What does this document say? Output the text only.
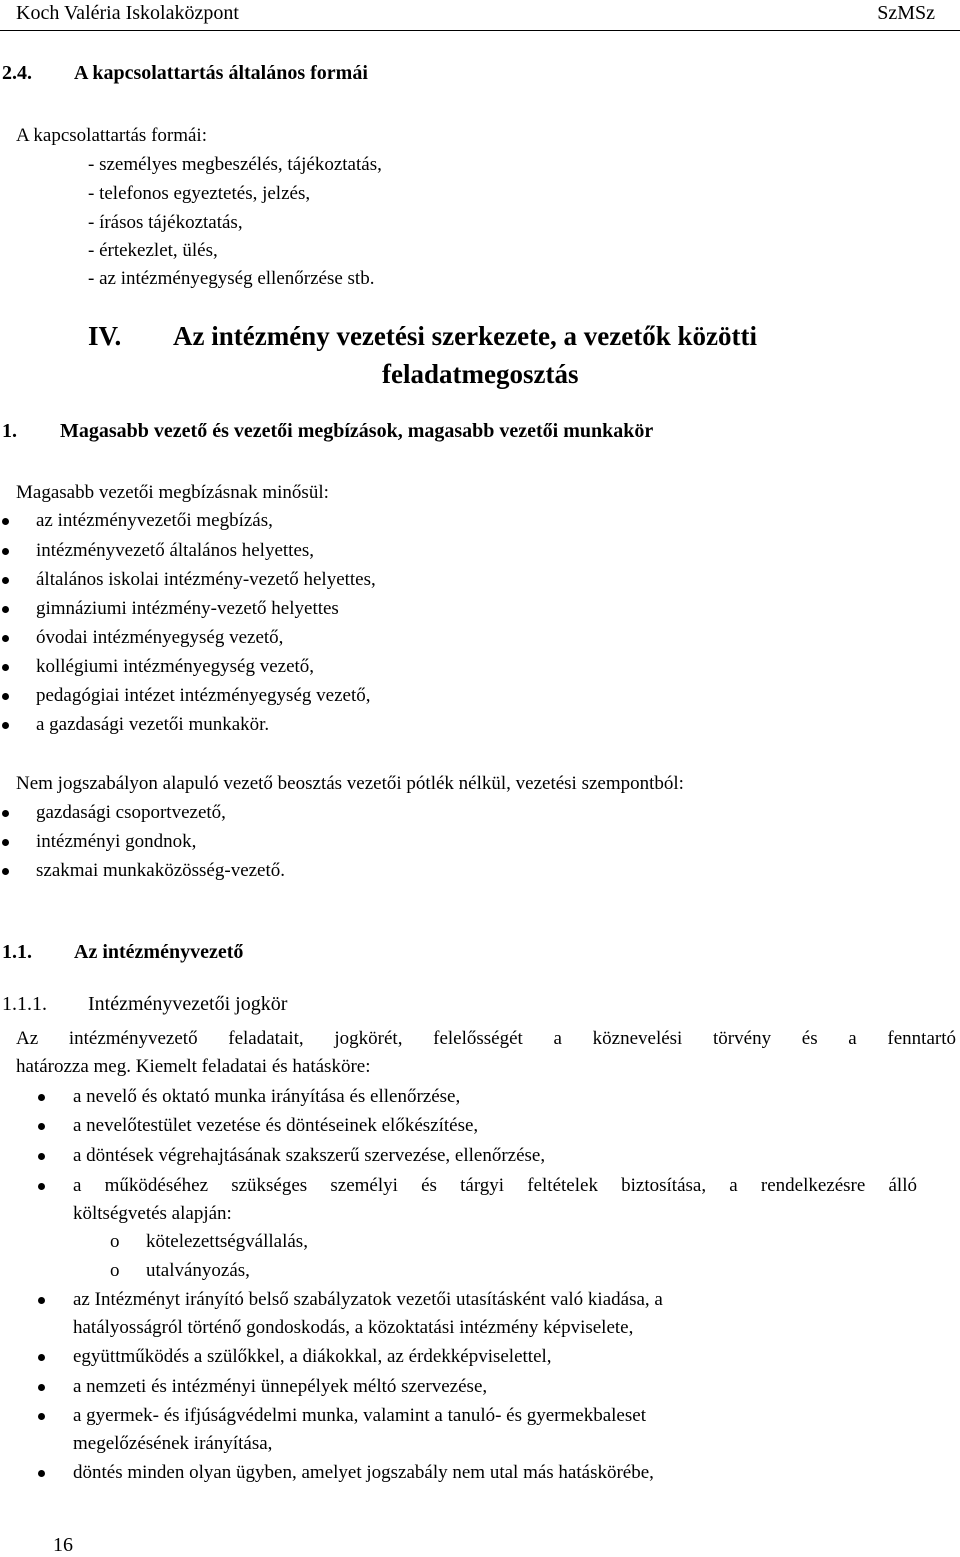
Koch Valéria Iskolaközpont	SzMSz
2.4. A kapcsolattartás általános formái
A kapcsolattartás formái:
- személyes megbeszélés, tájékoztatás,
- telefonos egyeztetés, jelzés,
- írásos tájékoztatás,
- értekezlet, ülés,
- az intézményegység ellenőrzése stb.
IV. Az intézmény vezetési szerkezete, a vezetők közötti
feladatmegosztás
1. Magasabb vezető és vezetői megbízások, magasabb vezetői munkakör
Magasabb vezetői megbízásnak minősül:
az intézményvezetői megbízás,
intézményvezető általános helyettes,
általános iskolai intézmény-vezető helyettes,
gimnáziumi intézmény-vezető helyettes
óvodai intézményegység vezető,
kollégiumi intézményegység vezető,
pedagógiai intézet intézményegység vezető,
a gazdasági vezetői munkakör.
Nem jogszabályon alapuló vezető beosztás vezetői pótlék nélkül, vezetési szempontból:
gazdasági csoportvezető,
intézményi gondnok,
szakmai munkaközösség-vezető.
1.1. Az intézményvezető
1.1.1. Intézményvezetői jogkör
Az intézményvezető feladatait, jogkörét, felelősségét a köznevelési törvény és a fenntartó
határozza meg. Kiemelt feladatai és hatásköre:
a nevelő és oktató munka irányítása és ellenőrzése,
a nevelőtestület vezetése és döntéseinek előkészítése,
a döntések végrehajtásának szakszerű szervezése, ellenőrzése,
a működéséhez szükséges személyi és tárgyi feltételek biztosítása, a rendelkezésre álló
költségvetés alapján:
o kötelezettségvállalás,
o utalványozás,
az Intézményt irányító belső szabályzatok vezetői utasításként való kiadása, a
hatályosságról történő gondoskodás, a közoktatási intézmény képviselete,
együttműködés a szülőkkel, a diákokkal, az érdekképviselettel,
a nemzeti és intézményi ünnepélyek méltó szervezése,
a gyermek- és ifjúságvédelmi munka, valamint a tanuló- és gyermekbaleset
megelőzésének irányítása,
döntés minden olyan ügyben, amelyet jogszabály nem utal más hatáskörébe,
16
